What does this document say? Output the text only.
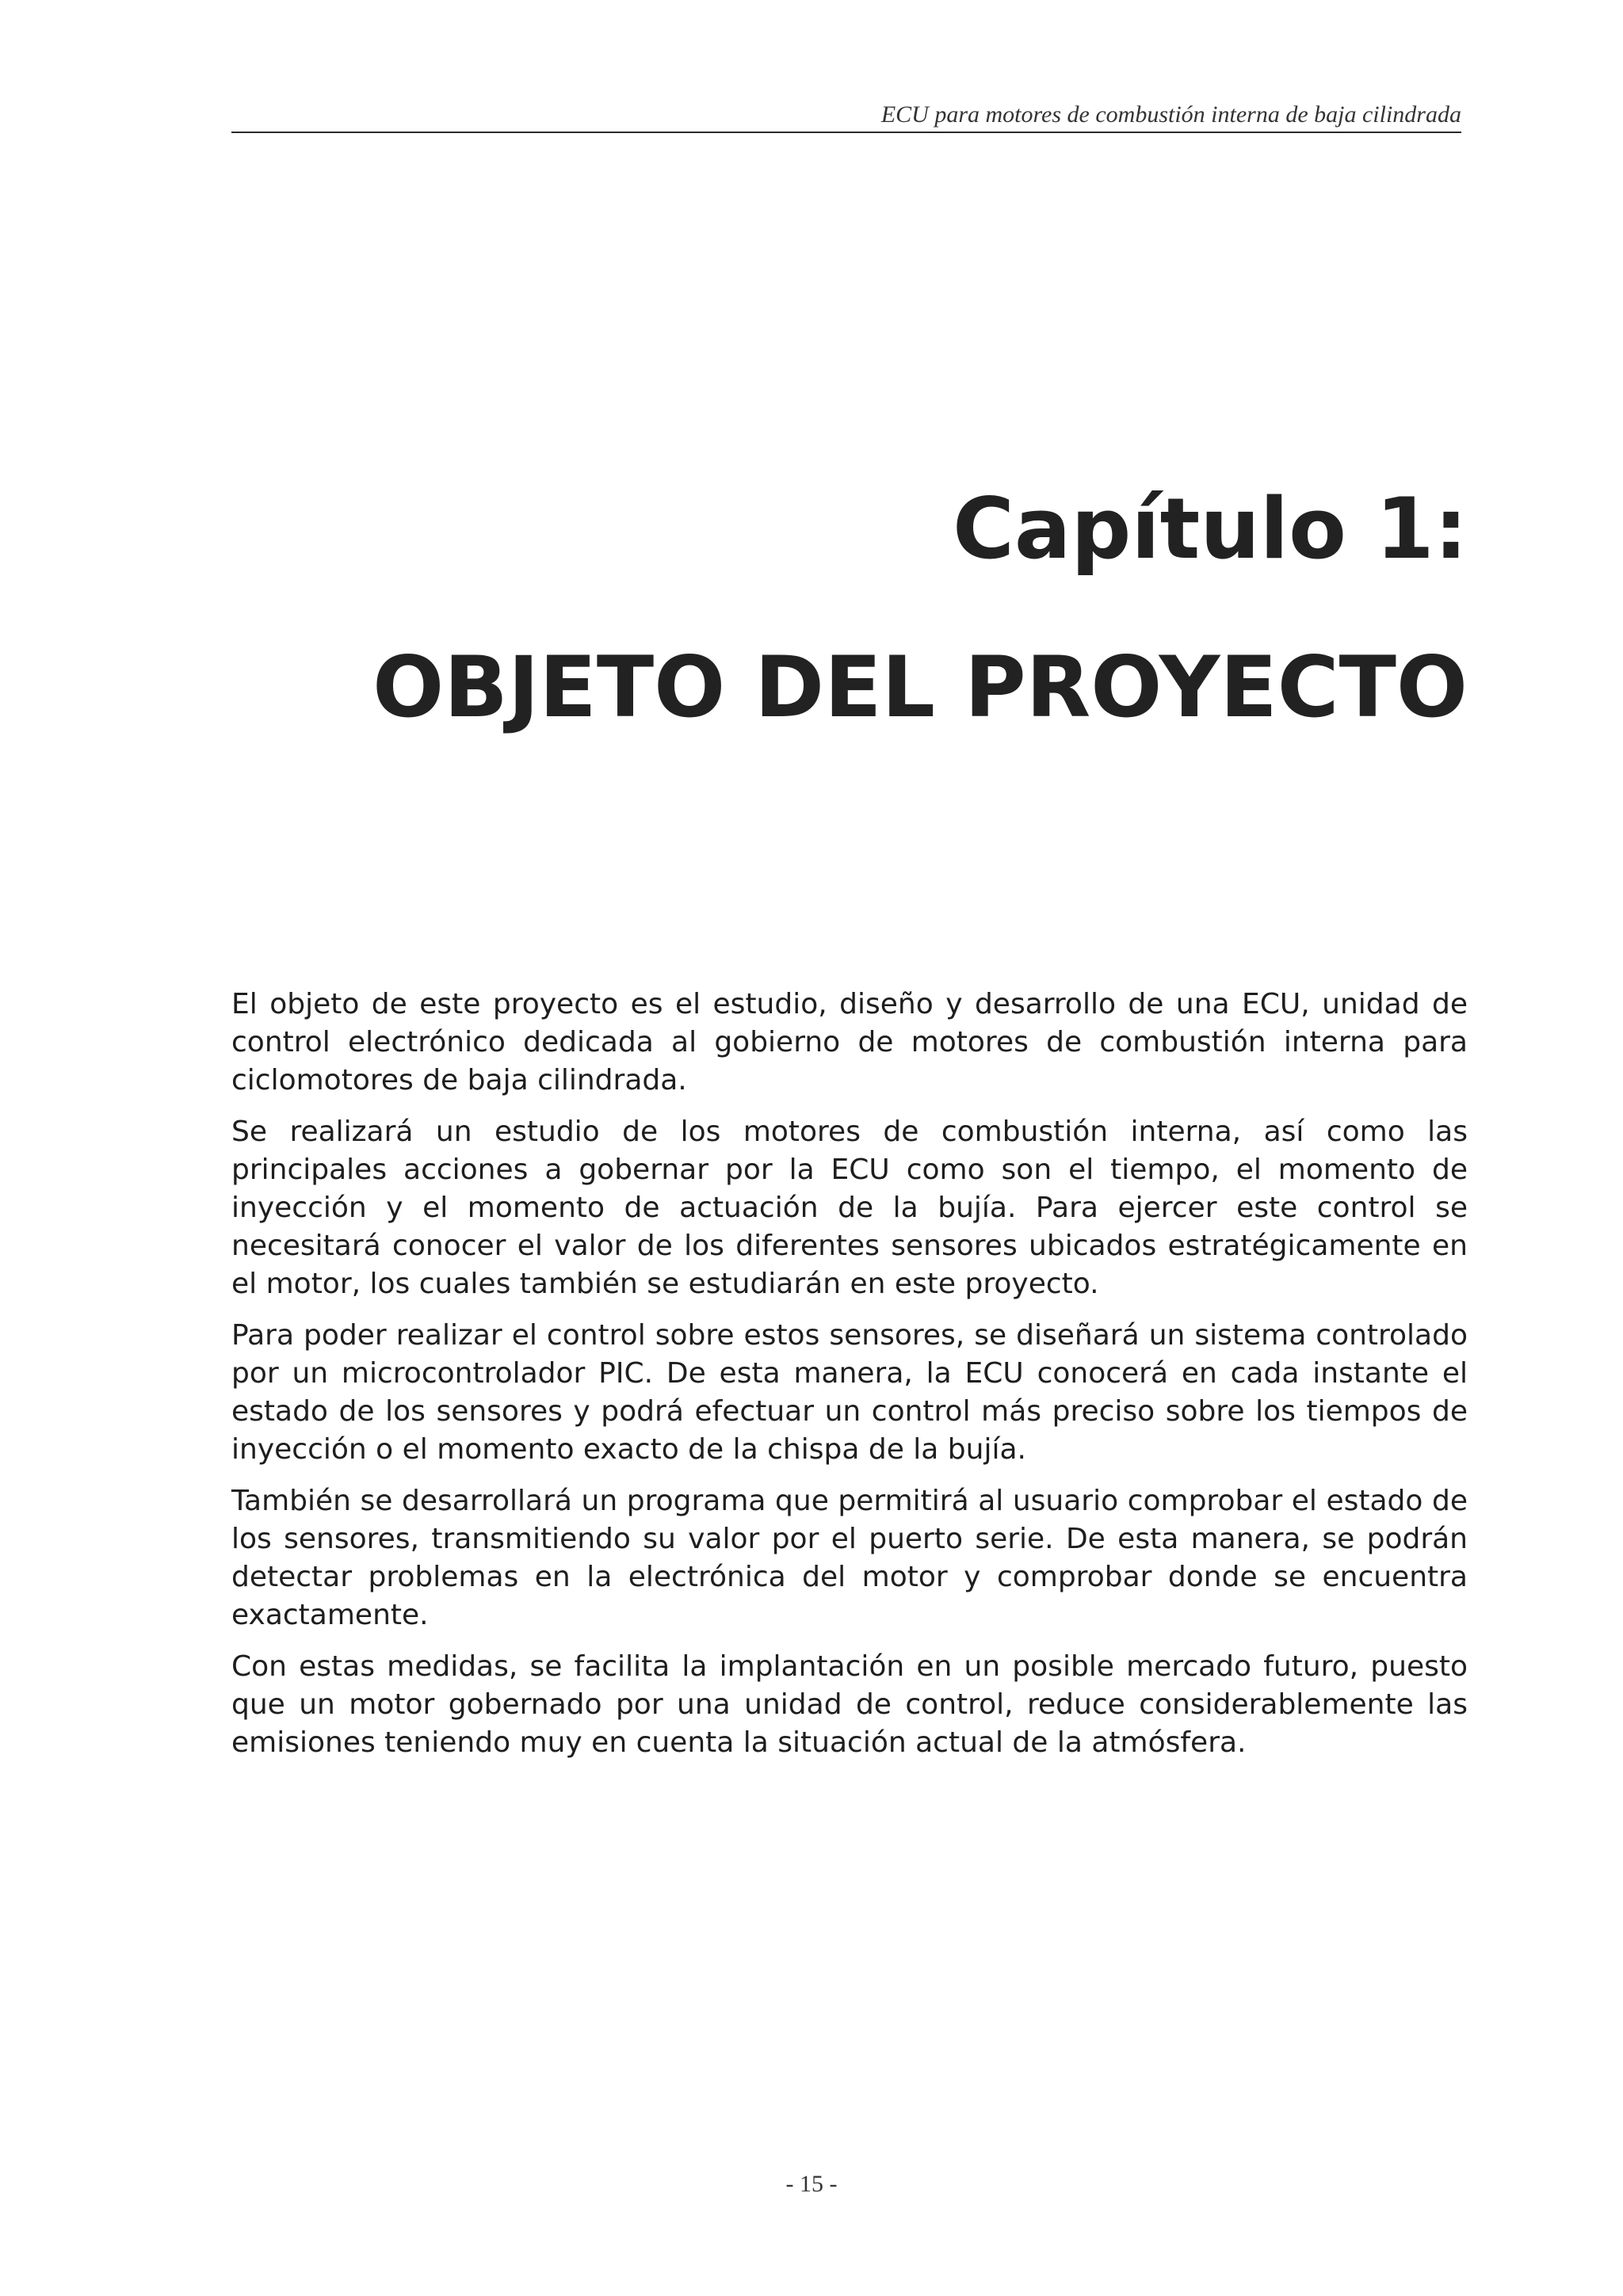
ECU para motores de combustión interna de baja cilindrada
Capítulo 1:
OBJETO DEL PROYECTO

El objeto de este proyecto es el estudio, diseño y desarrollo de una ECU, unidad de control electrónico dedicada al gobierno de motores de combustión interna para ciclomotores de baja cilindrada.

Se realizará un estudio de los motores de combustión interna, así como las principales acciones a gobernar por la ECU como son el tiempo, el momento de inyección y el momento de actuación de la bujía. Para ejercer este control se necesitará conocer el valor de los diferentes sensores ubicados estratégicamente en el motor, los cuales también se estudiarán en este proyecto.

Para poder realizar el control sobre estos sensores, se diseñará un sistema controlado por un microcontrolador PIC. De esta manera, la ECU conocerá en cada instante el estado de los sensores y podrá efectuar un control más preciso sobre los tiempos de inyección o el momento exacto de la chispa de la bujía.

También se desarrollará un programa que permitirá al usuario comprobar el estado de los sensores, transmitiendo su valor por el puerto serie. De esta manera, se podrán detectar problemas en la electrónica del motor y comprobar donde se encuentra exactamente.

Con estas medidas, se facilita la implantación en un posible mercado futuro, puesto que un motor gobernado por una unidad de control, reduce considerablemente las emisiones teniendo muy en cuenta la situación actual de la atmósfera.

- 15 -
